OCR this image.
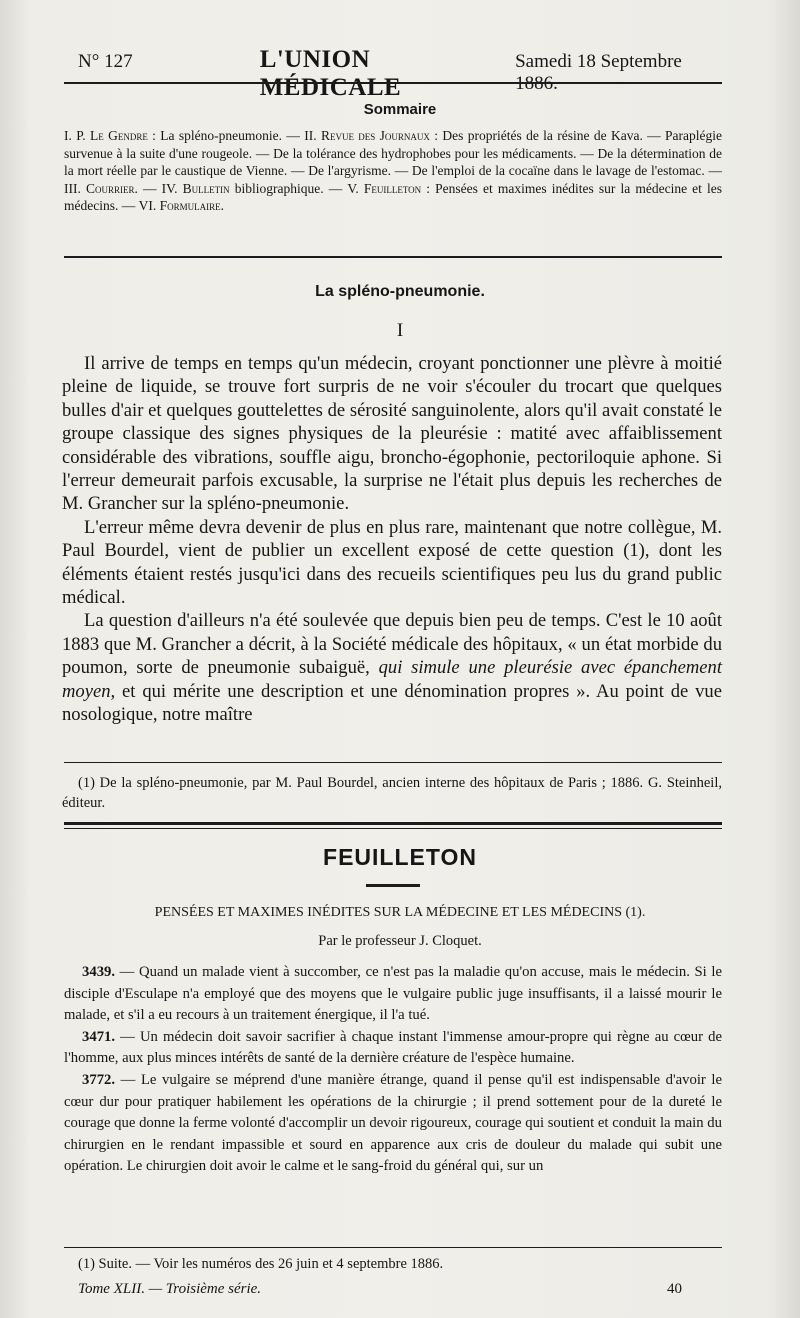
N° 127	L'UNION MÉDICALE
Samedi 18 Septembre 1886.
Sommaire
I. P. Le Gendre : La spléno-pneumonie. — II. Revue des Journaux : Des propriétés de la résine de Kava. — Paraplégie survenue à la suite d'une rougeole. — De la tolérance des hydrophobes pour les médicaments. — De la détermination de la mort réelle par le caustique de Vienne. — De l'argyrisme. — De l'emploi de la cocaïne dans le lavage de l'estomac. — III. Courrier. — IV. Bulletin bibliographique. — V. Feuilleton : Pensées et maximes inédites sur la médecine et les médecins. — VI. Formulaire.
La spléno-pneumonie.
I

Il arrive de temps en temps qu'un médecin, croyant ponctionner une plèvre à moitié pleine de liquide, se trouve fort surpris de ne voir s'écouler du trocart que quelques bulles d'air et quelques gouttelettes de sérosité sanguinolente, alors qu'il avait constaté le groupe classique des signes physiques de la pleurésie : matité avec affaiblissement considérable des vibrations, souffle aigu, broncho-égophonie, pectoriloquie aphone. Si l'erreur demeurait parfois excusable, la surprise ne l'était plus depuis les recherches de M. Grancher sur la spléno-pneumonie.

L'erreur même devra devenir de plus en plus rare, maintenant que notre collègue, M. Paul Bourdel, vient de publier un excellent exposé de cette question (1), dont les éléments étaient restés jusqu'ici dans des recueils scientifiques peu lus du grand public médical.

La question d'ailleurs n'a été soulevée que depuis bien peu de temps. C'est le 10 août 1883 que M. Grancher a décrit, à la Société médicale des hôpitaux, « un état morbide du poumon, sorte de pneumonie subaiguë, qui simule une pleurésie avec épanchement moyen, et qui mérite une description et une dénomination propres ». Au point de vue nosologique, notre maître

(1) De la spléno-pneumonie, par M. Paul Bourdel, ancien interne des hôpitaux de Paris ; 1886. G. Steinheil, éditeur.
FEUILLETON
PENSÉES ET MAXIMES INÉDITES SUR LA MÉDECINE ET LES MÉDECINS (1).
Par le professeur J. Cloquet.

3439. — Quand un malade vient à succomber, ce n'est pas la maladie qu'on accuse, mais le médecin. Si le disciple d'Esculape n'a employé que des moyens que le vulgaire public juge insuffisants, il a laissé mourir le malade, et s'il a eu recours à un traitement énergique, il l'a tué.

3471. — Un médecin doit savoir sacrifier à chaque instant l'immense amour-propre qui règne au cœur de l'homme, aux plus minces intérêts de santé de la dernière créature de l'espèce humaine.

3772. — Le vulgaire se méprend d'une manière étrange, quand il pense qu'il est indispensable d'avoir le cœur dur pour pratiquer habilement les opérations de la chirurgie ; il prend sottement pour de la dureté le courage que donne la ferme volonté d'accomplir un devoir rigoureux, courage qui soutient et conduit la main du chirurgien en le rendant impassible et sourd en apparence aux cris de douleur du malade qui subit une opération. Le chirurgien doit avoir le calme et le sang-froid du général qui, sur un

(1) Suite. — Voir les numéros des 26 juin et 4 septembre 1886.
Tome XLII. — Troisième série.	40
